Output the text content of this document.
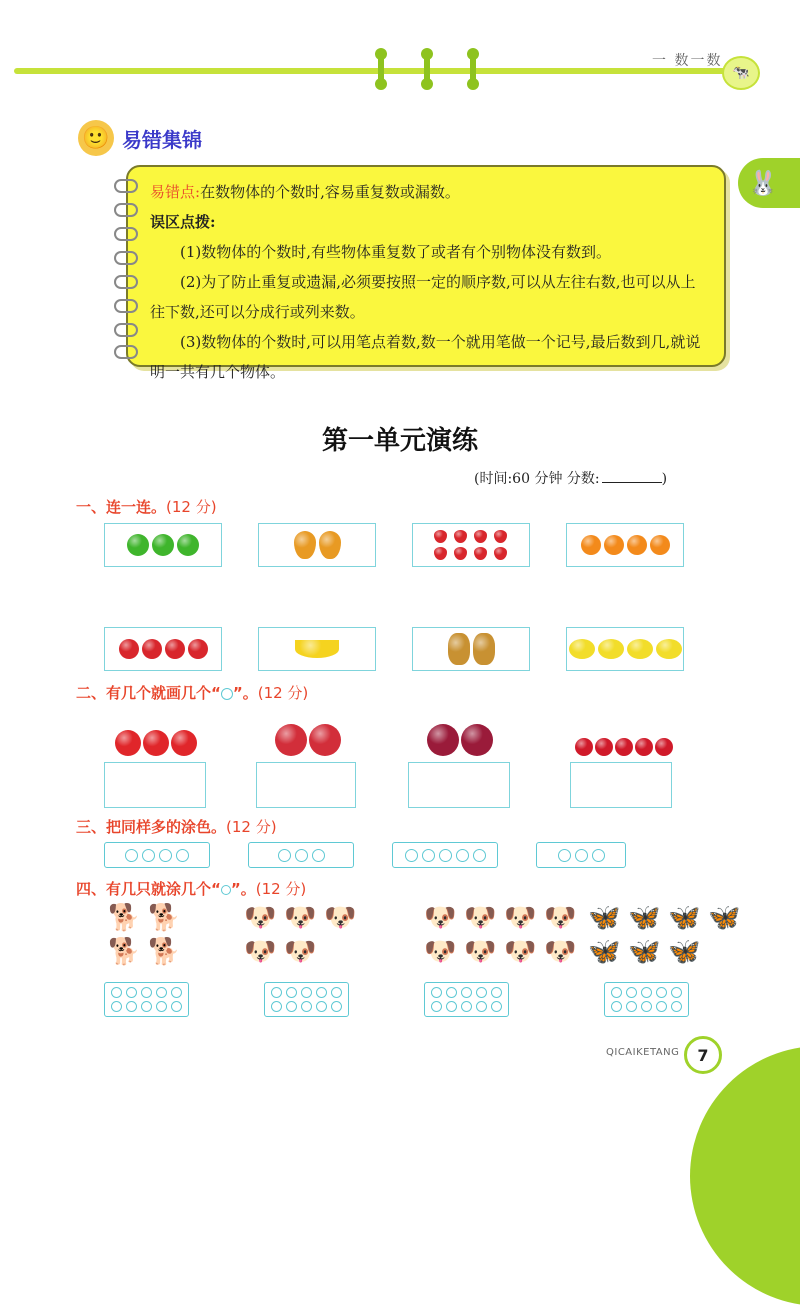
一 数一数
🐄
🐰
🙂 易错集锦

易错点:在数物体的个数时,容易重复数或漏数。

误区点拨:

(1)数物体的个数时,有些物体重复数了或者有个别物体没有数到。

(2)为了防止重复或遗漏,必须要按照一定的顺序数,可以从左往右数,也可以从上往下数,还可以分成行或列来数。

(3)数物体的个数时,可以用笔点着数,数一个就用笔做一个记号,最后数到几,就说明一共有几个物体。

第一单元演练
(时间:60 分钟 分数:	)
一、连一连。(12 分)
二、有几个就画几个“ ”。(12 分)
三、把同样多的涂色。(12 分)
四、有几只就涂几个“ ”。(12 分)
🐕 🐕
🐕 🐕
🐶 🐶 🐶
🐶 🐶
🐶 🐶 🐶 🐶
🐶 🐶 🐶 🐶
🦋 🦋 🦋 🦋
🦋 🦋 🦋
QICAIKETANG	7
